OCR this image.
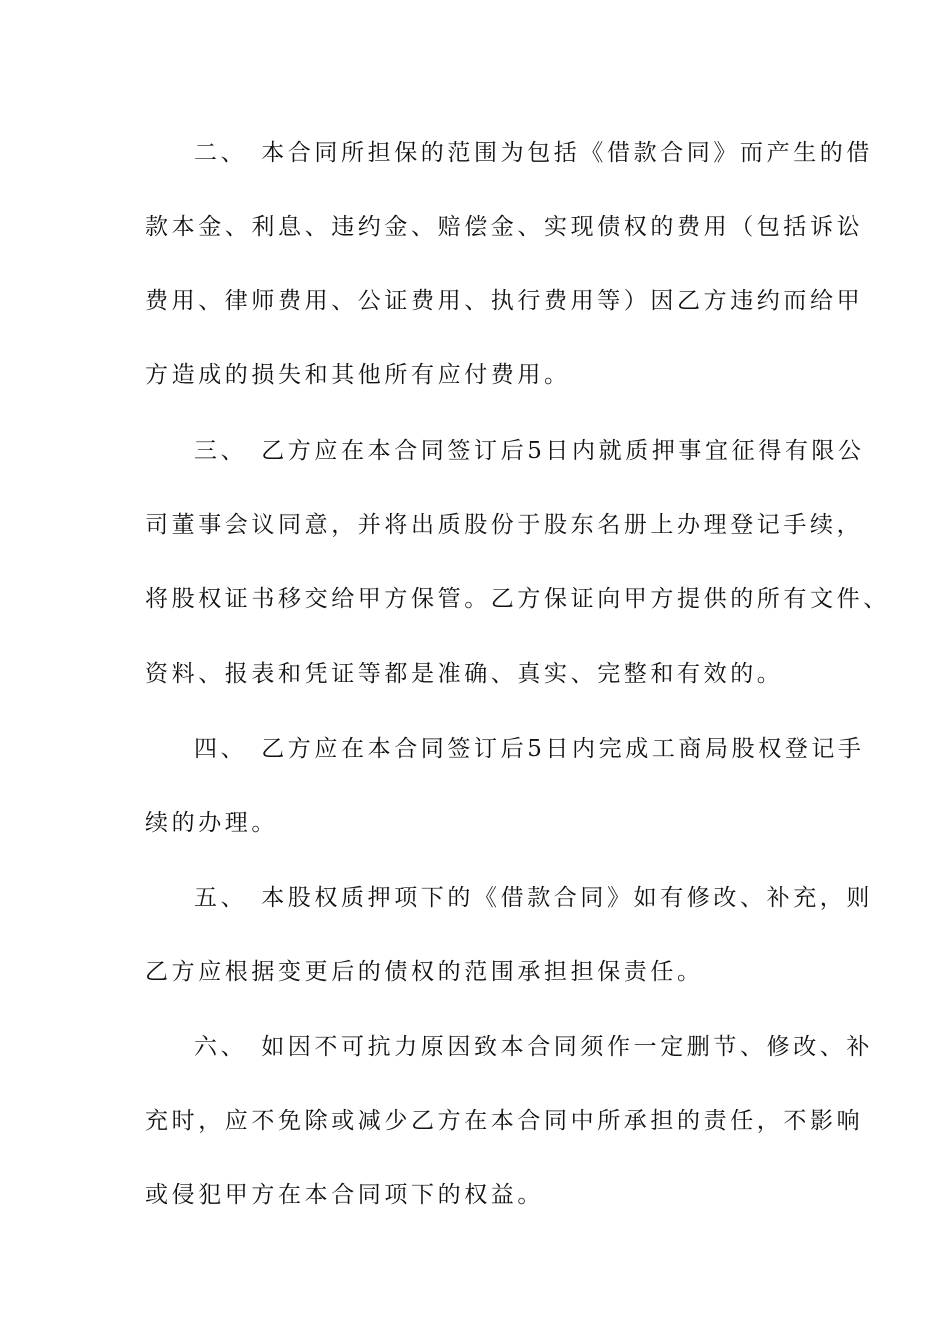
二、 本合同所担保的范围为包括《借款合同》而产生的借
款本金、利息、违约金、赔偿金、实现债权的费用（包括诉讼
费用、律师费用、公证费用、执行费用等）因乙方违约而给甲
方造成的损失和其他所有应付费用。
三、 乙方应在本合同签订后5日内就质押事宜征得有限公
司董事会议同意，并将出质股份于股东名册上办理登记手续，
将股权证书移交给甲方保管。乙方保证向甲方提供的所有文件、
资料、报表和凭证等都是准确、真实、完整和有效的。
四、 乙方应在本合同签订后5日内完成工商局股权登记手
续的办理。
五、 本股权质押项下的《借款合同》如有修改、补充，则
乙方应根据变更后的债权的范围承担担保责任。
六、 如因不可抗力原因致本合同须作一定删节、修改、补
充时，应不免除或减少乙方在本合同中所承担的责任，不影响
或侵犯甲方在本合同项下的权益。
